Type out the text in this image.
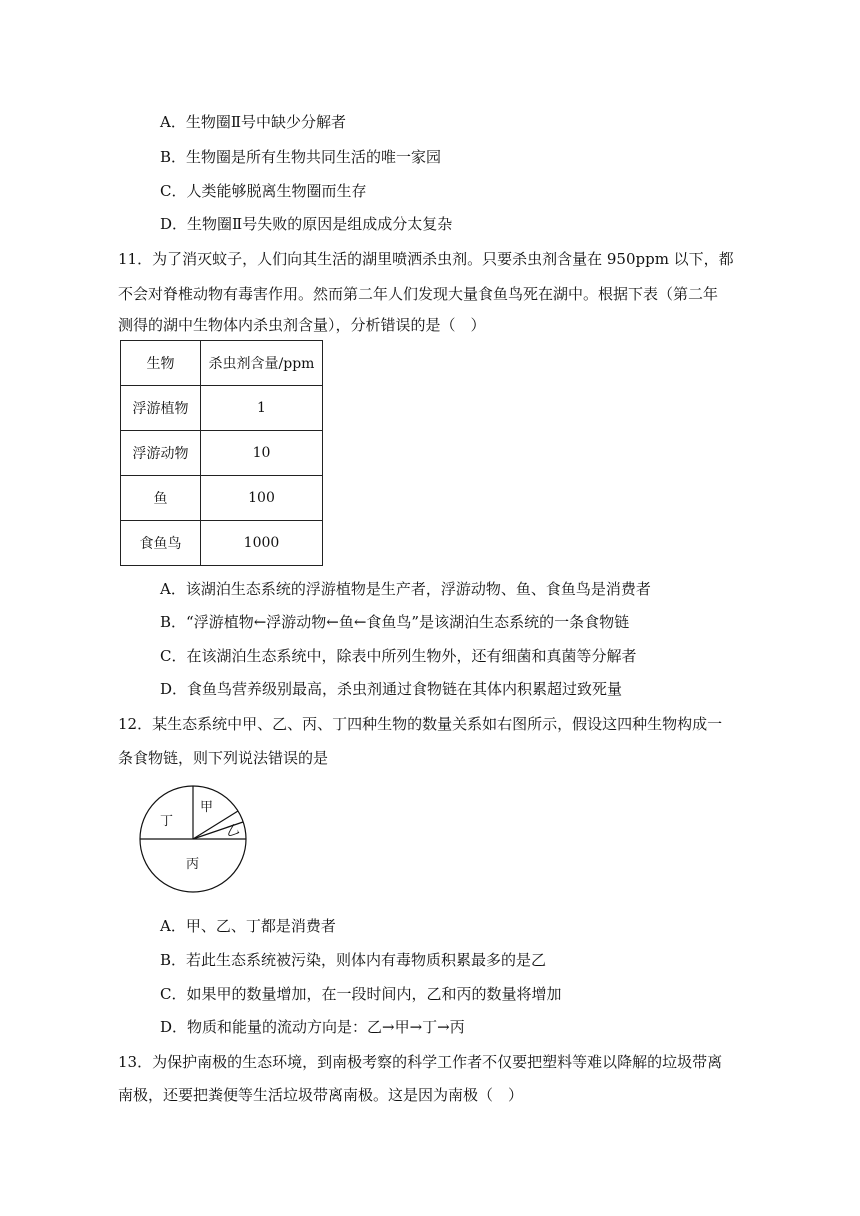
A．生物圈Ⅱ号中缺少分解者
B．生物圈是所有生物共同生活的唯一家园
C．人类能够脱离生物圈而生存
D．生物圈Ⅱ号失败的原因是组成成分太复杂
11．为了消灭蚊子，人们向其生活的湖里喷洒杀虫剂。只要杀虫剂含量在 950ppm 以下，都
不会对脊椎动物有毒害作用。然而第二年人们发现大量食鱼鸟死在湖中。根据下表（第二年
测得的湖中生物体内杀虫剂含量），分析错误的是（　）
生物	杀虫剂含量/ppm
浮游植物	1
浮游动物	10
鱼	100
食鱼鸟	1000
A．该湖泊生态系统的浮游植物是生产者，浮游动物、鱼、食鱼鸟是消费者
B．“浮游植物←浮游动物←鱼←食鱼鸟”是该湖泊生态系统的一条食物链
C．在该湖泊生态系统中，除表中所列生物外，还有细菌和真菌等分解者
D．食鱼鸟营养级别最高，杀虫剂通过食物链在其体内积累超过致死量
12．某生态系统中甲、乙、丙、丁四种生物的数量关系如右图所示，假设这四种生物构成一
条食物链，则下列说法错误的是
丁
甲
乙
丙
A．甲、乙、丁都是消费者
B．若此生态系统被污染，则体内有毒物质积累最多的是乙
C．如果甲的数量增加，在一段时间内，乙和丙的数量将增加
D．物质和能量的流动方向是：乙→甲→丁→丙
13．为保护南极的生态环境，到南极考察的科学工作者不仅要把塑料等难以降解的垃圾带离
南极，还要把粪便等生活垃圾带离南极。这是因为南极（　）
